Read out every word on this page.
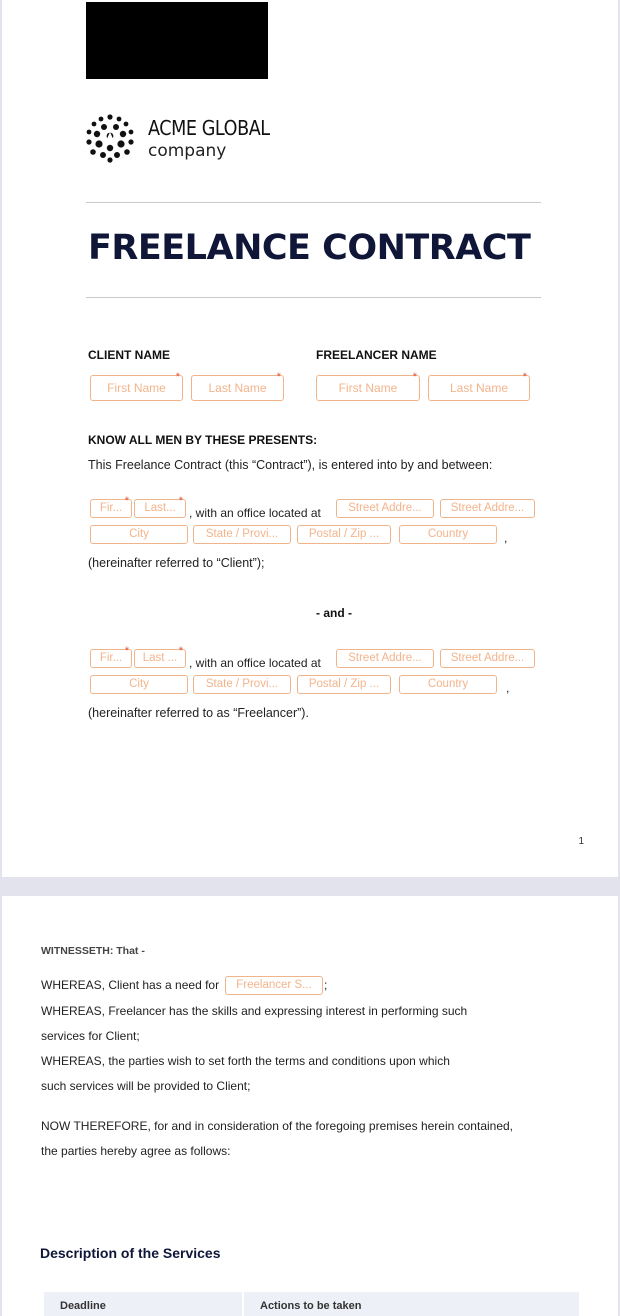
ACME GLOBAL
company
FREELANCE CONTRACT
CLIENT NAME	FREELANCER NAME
First Name
*
Last Name
*
First Name
*
Last Name
*
KNOW ALL MEN BY THESE PRESENTS:
This Freelance Contract (this “Contract”), is entered into by and between:
Fir...
*
Last...
*
, with an office located at	Street Addre...	Street Addre...
City	State / Provi...	Postal / Zip ...	Country	,
(hereinafter referred to “Client”);
- and -
Fir...
*
Last ...
*
, with an office located at	Street Addre...	Street Addre...
City	State / Provi...	Postal / Zip ...	Country	,
(hereinafter referred to as “Freelancer”).
1
WITNESSETH: That -
WHEREAS, Client has a need for	Freelancer S...	;
WHEREAS, Freelancer has the skills and expressing interest in performing such
services for Client;
WHEREAS, the parties wish to set forth the terms and conditions upon which
such services will be provided to Client;
NOW THEREFORE, for and in consideration of the foregoing premises herein contained,
the parties hereby agree as follows:
Description of the Services
Deadline	Actions to be taken
